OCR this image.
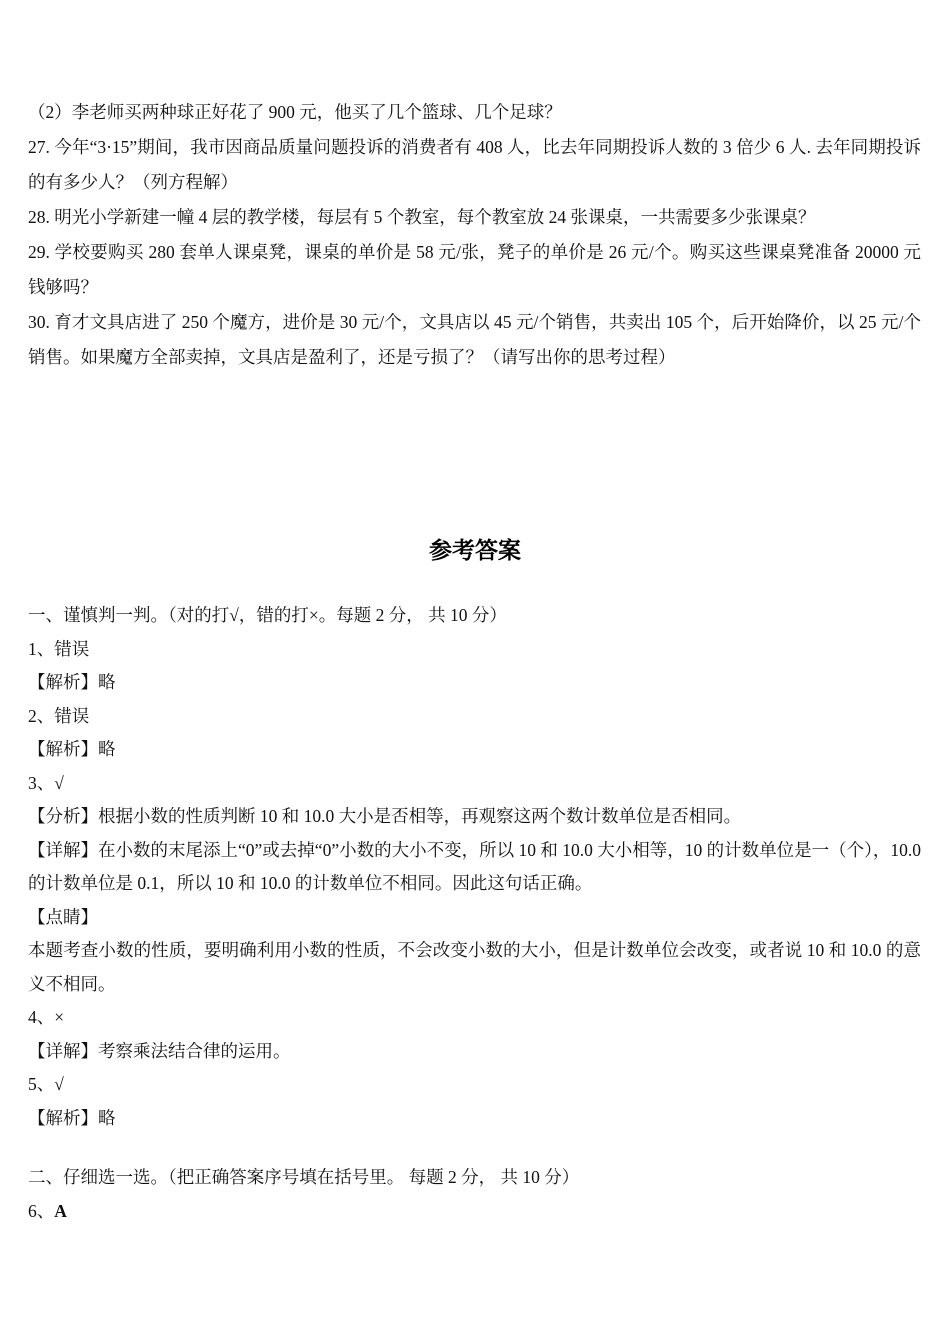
（2）李老师买两种球正好花了 900 元，他买了几个篮球、几个足球？

27. 今年“3·15”期间，我市因商品质量问题投诉的消费者有 408 人，比去年同期投诉人数的 3 倍少 6 人. 去年同期投诉的有多少人？（列方程解）

28. 明光小学新建一幢 4 层的教学楼，每层有 5 个教室，每个教室放 24 张课桌，一共需要多少张课桌？

29. 学校要购买 280 套单人课桌凳，课桌的单价是 58 元/张，凳子的单价是 26 元/个。购买这些课桌凳准备 20000 元钱够吗？

30. 育才文具店进了 250 个魔方，进价是 30 元/个，文具店以 45 元/个销售，共卖出 105 个，后开始降价，以 25 元/个销售。如果魔方全部卖掉，文具店是盈利了，还是亏损了？（请写出你的思考过程）

参考答案

一、谨慎判一判。（对的打√，错的打×。每题 2 分， 共 10 分）

1、错误

【解析】略

2、错误

【解析】略

3、√

【分析】根据小数的性质判断 10 和 10.0 大小是否相等，再观察这两个数计数单位是否相同。

【详解】在小数的末尾添上“0”或去掉“0”小数的大小不变，所以 10 和 10.0 大小相等，10 的计数单位是一（个），10.0 的计数单位是 0.1，所以 10 和 10.0 的计数单位不相同。因此这句话正确。

【点睛】

本题考查小数的性质，要明确利用小数的性质，不会改变小数的大小，但是计数单位会改变，或者说 10 和 10.0 的意义不相同。

4、×

【详解】考察乘法结合律的运用。

5、√

【解析】略

二、仔细选一选。（把正确答案序号填在括号里。 每题 2 分， 共 10 分）

6、A
